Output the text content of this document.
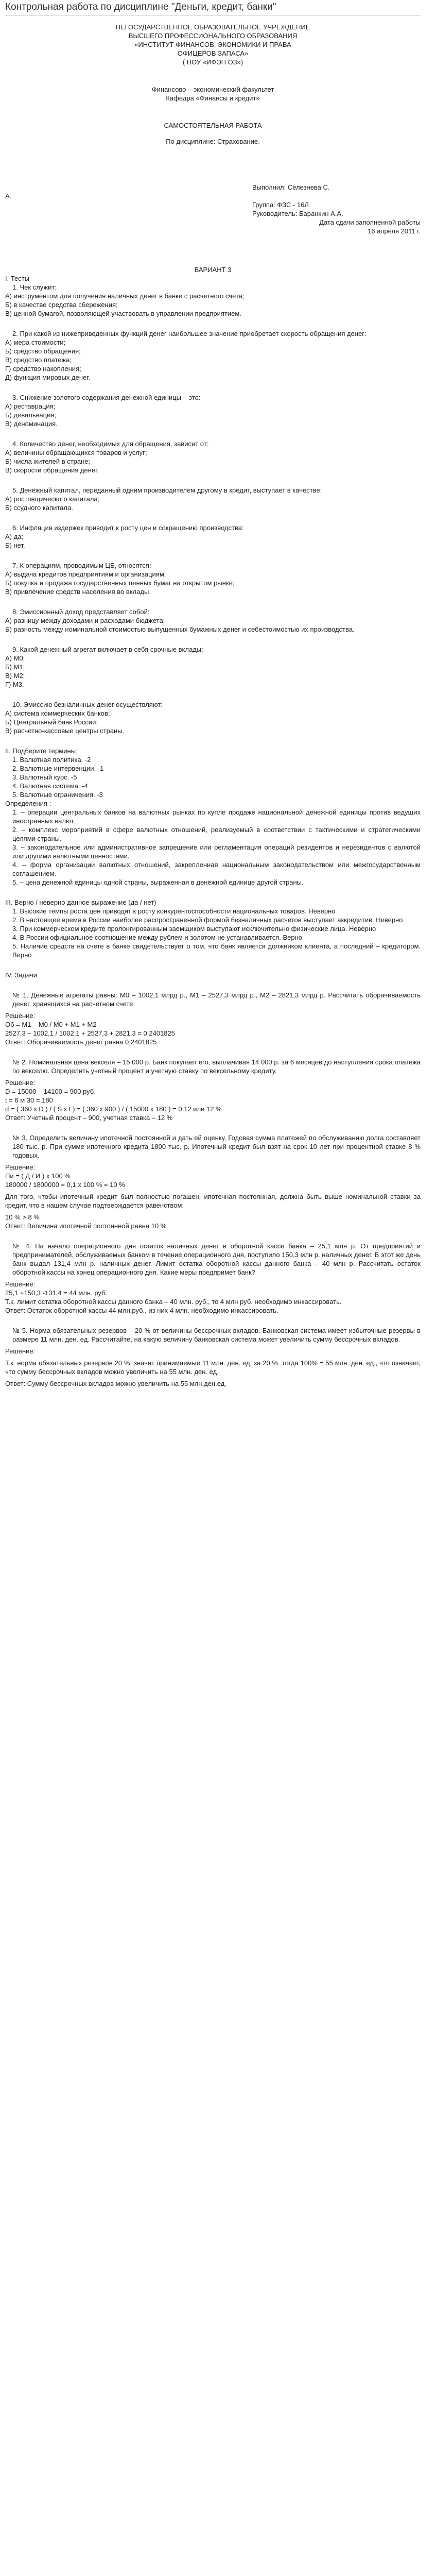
Контрольная работа по дисциплине "Деньги, кредит, банки"

НЕГОСУДАРСТВЕННОЕ ОБРАЗОВАТЕЛЬНОЕ УЧРЕЖДЕНИЕ

ВЫСШЕГО ПРОФЕССИОНАЛЬНОГО ОБРАЗОВАНИЯ

«ИНСТИТУТ ФИНАНСОВ, ЭКОНОМИКИ И ПРАВА

ОФИЦЕРОВ ЗАПАСА»

( НОУ «ИФЭП ОЗ»)

Финансово – экономический факультет

Кафедра «Финансы и кредит»

САМОСТОЯТЕЛЬНАЯ РАБОТА

По дисциплине: Страхование.

Выполнил: Селезнева С.

А.

Группа: ФЗС - 16Л

Руководитель: Баранкин А.А.

Дата сдачи заполненной работы

16 апреля 2011 г.

ВАРИАНТ 3

I. Тесты

1. Чек служит:

А) инструментом для получения наличных денег в банке с расчетного счета;

Б) в качестве средства сбережения;

В) ценной бумагой, позволяющей участвовать в управлении предприятием.

2. При какой из нижеприведенных функций денег наибольшее значение приобретает скорость обращения денег:

А) мера стоимости;

Б) средство обращения;

В) средство платежа;

Г) средство накопления;

Д) функция мировых денег.

3. Снижение золотого содержания денежной единицы – это:

А) реставрация;

Б) девальвация;

В) деноминация.

4. Количество денег, необходимых для обращения, зависит от:

А) величины обращающихся товаров и услуг;

Б) числа жителей в стране;

В) скорости обращения денег.

5. Денежный капитал, переданный одним производителем другому в кредит, выступает в качестве:

А) ростовщического капитала;

Б) ссудного капитала.

6. Инфляция издержек приводит к росту цен и сокращению производства:

А) да;

Б) нет.

7. К операциям, проводимым ЦБ, относятся:

А) выдача кредитов предприятиям и организациям;

Б) покупка и продажа государственных ценных бумаг на открытом рынке;

В) привлечение средств населения во вклады.

8. Эмиссионный доход представляет собой:

А) разницу между доходами и расходами бюджета;

Б) разность между номинальной стоимостью выпущенных бумажных денег и себестоимостью их производства.

9. Какой денежный агрегат включает в себя срочные вклады:

А) М0;

Б) М1;

В) М2;

Г) М3.

10. Эмиссию безналичных денег осуществляют:

А) система коммерческих банков;

Б) Центральный банк России;

В) расчетно-кассовые центры страны.

II. Подберите термины:

1. Валютная политика. -2

2. Валютные интервенции. -1

3. Валютный курс. -5

4. Валютная система. -4

5. Валютные ограничения. -3

Определения :

1. – операции центральных банков на валютных рынках по купле продаже национальной денежной единицы против ведущих иностранных валют.

2. – комплекс мероприятий в сфере валютных отношений, реализуемый в соответствии с тактическими и стратегическими целями страны.

3. – законодательное или административное запрещение или регламентация операций резидентов и нерезидентов с валютой или другими валютными ценностями.

4. – форма организации валютных отношений, закрепленная национальным законодательством или межгосударственным соглашением.

5. – цена денежной единицы одной страны, выраженная в денежной единице другой страны.

III. Верно / неверно данное выражение (да / нет)

1. Высокие темпы роста цен приводят к росту конкурентоспособности национальных товаров. Неверно

2. В настоящее время в России наиболее распространенной формой безналичных расчетов выступает аккредитив. Неверно

3. При коммерческом кредите пролонгированным заемщиком выступают исключительно физические лица. Неверно

4. В России официальное соотношение между рублем и золотом не устанавливается. Верно

5. Наличие средств на счете в банке свидетельствует о том, что банк является должником клиента, а последний – кредитором. Верно

IV. Задачи

№ 1. Денежные агрегаты равны: М0 – 1002,1 млрд р., М1 – 2527,3 млрд р., М2 – 2821,3 млрд р. Рассчитать обоpачиваемость денег, хранящихся на расчетном счете.

Решение:

Об = М1 – М0 / М0 + М1 + М2

2527,3 – 1002,1 / 1002,1 + 2527,3 + 2821,3 = 0,2401825

Ответ: Обоpачиваемость денег равна 0,2401825

№ 2. Номинальная цена векселя – 15 000 р. Банк покупает его, выплачивая 14 000 р. за 6 месяцев до наступления срока платежа по векселю. Определить учетный процент и учетную ставку по вексельному кредиту.

Решение:

D = 15000 – 14100 = 900 руб.

t = 6 м 30 = 180

d = ( 360 x D ) / ( S x t ) = ( 360 x 900 ) / ( 15000 x 180 ) = 0.12 или 12 %

Ответ: Учетный процент – 900, учетная ставка – 12 %

№ 3. Определить величину ипотечной постоянной и дать ей оценку. Годовая сумма платежей по обслуживанию долга составляет 180 тыс. р. При сумме ипотечного кредита 1800 тыс. р. Ипотечный кредит был взят на срок 10 лет при процентной ставке 8 % годовых.

Решение:

Пи = ( Д / И ) х 100 %

180000 / 1800000 = 0,1 х 100 % = 10 %

Для того, чтобы ипотечный кредит был полностью погашен, ипотечная постоянная, должна быть выше номинальной ставки за кредит, что в нашем случае подтверждается равенством:

10 % > 8 %

Ответ: Величина ипотечной постоянной равна 10 %

№ 4. На начало операционного дня остаток наличных денег в оборотной кассе банка – 25,1 млн р. От предприятий и предпринимателей, обслуживаемых банком в течение операционного дня, поступило 150,3 млн р. наличных денег. В этот же день банк выдал 131,4 млн р. наличных денег. Лимит остатка оборотной кассы данного банка – 40 млн р. Рассчитать остаток оборотной кассы на конец операционного дня. Какие меры предпримет банк?

Решение:

25,1 +150,3 -131,4 = 44 млн. руб.

Т.к. лимит остатка оборотной кассы данного банка – 40 млн. руб., то 4 млн руб. необходимо инкассировать.

Ответ: Остаток оборотной кассы 44 млн.руб., из них 4 млн. необходимо инкассировать.

№ 5. Норма обязательных резервов – 20 % от величины бессрочных вкладов. Банковская система имеет избыточные резервы в размере 11 млн. ден. ед. Рассчитайте, на какую величину банковская система может увеличить сумму бессрочных вкладов.

Решение:

Т.к. норма обязательных резервов 20 %, значит принимаемые 11 млн. ден. ед. за 20 %. тогда 100% = 55 млн. ден. ед., что означает, что сумму бессрочных вкладов можно увеличить на 55 млн. ден. ед.

Ответ: Сумму бессрочных вкладов можно увеличить на 55 млн.ден.ед.
